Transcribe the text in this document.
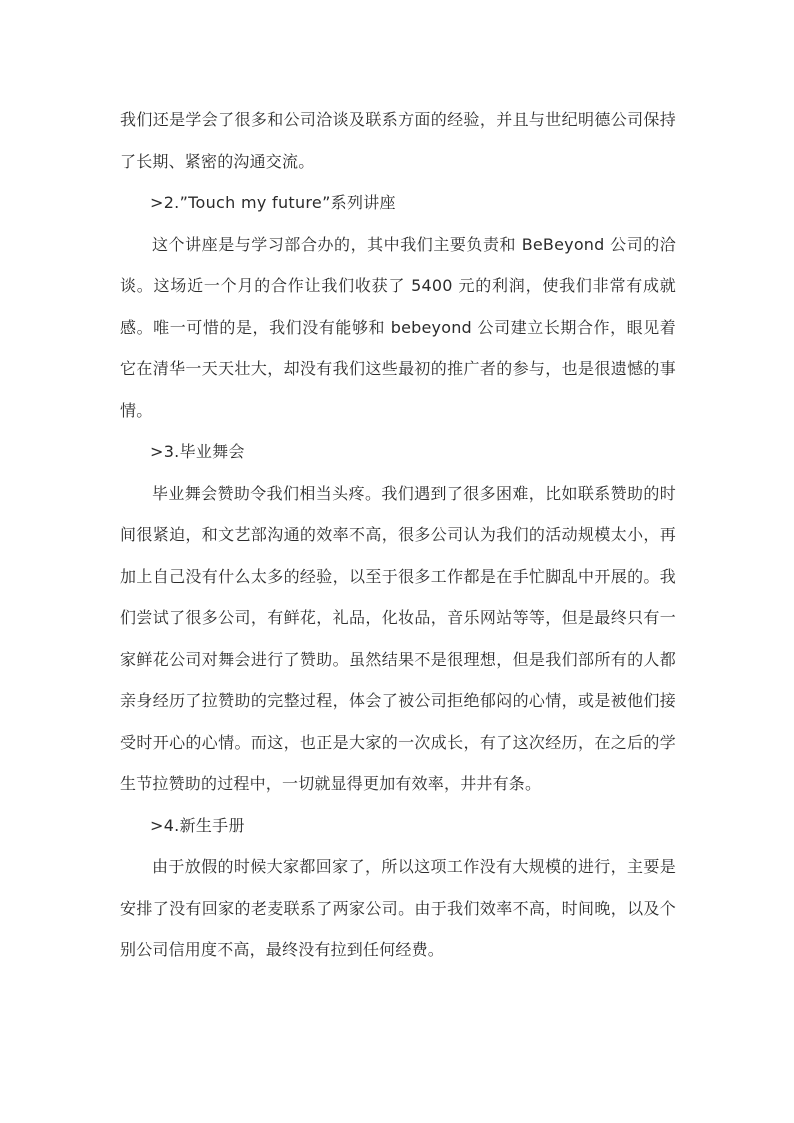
我们还是学会了很多和公司洽谈及联系方面的经验，并且与世纪明德公司保持了长期、紧密的沟通交流。

>2.”Touch my future”系列讲座

这个讲座是与学习部合办的，其中我们主要负责和 BeBeyond 公司的洽谈。这场近一个月的合作让我们收获了 5400 元的利润，使我们非常有成就感。唯一可惜的是，我们没有能够和 bebeyond 公司建立长期合作，眼见着它在清华一天天壮大，却没有我们这些最初的推广者的参与，也是很遗憾的事情。

>3.毕业舞会

毕业舞会赞助令我们相当头疼。我们遇到了很多困难，比如联系赞助的时间很紧迫，和文艺部沟通的效率不高，很多公司认为我们的活动规模太小，再加上自己没有什么太多的经验，以至于很多工作都是在手忙脚乱中开展的。我们尝试了很多公司，有鲜花，礼品，化妆品，音乐网站等等，但是最终只有一家鲜花公司对舞会进行了赞助。虽然结果不是很理想，但是我们部所有的人都亲身经历了拉赞助的完整过程，体会了被公司拒绝郁闷的心情，或是被他们接受时开心的心情。而这，也正是大家的一次成长，有了这次经历，在之后的学生节拉赞助的过程中，一切就显得更加有效率，井井有条。

>4.新生手册

由于放假的时候大家都回家了，所以这项工作没有大规模的进行，主要是安排了没有回家的老麦联系了两家公司。由于我们效率不高，时间晚，以及个别公司信用度不高，最终没有拉到任何经费。
